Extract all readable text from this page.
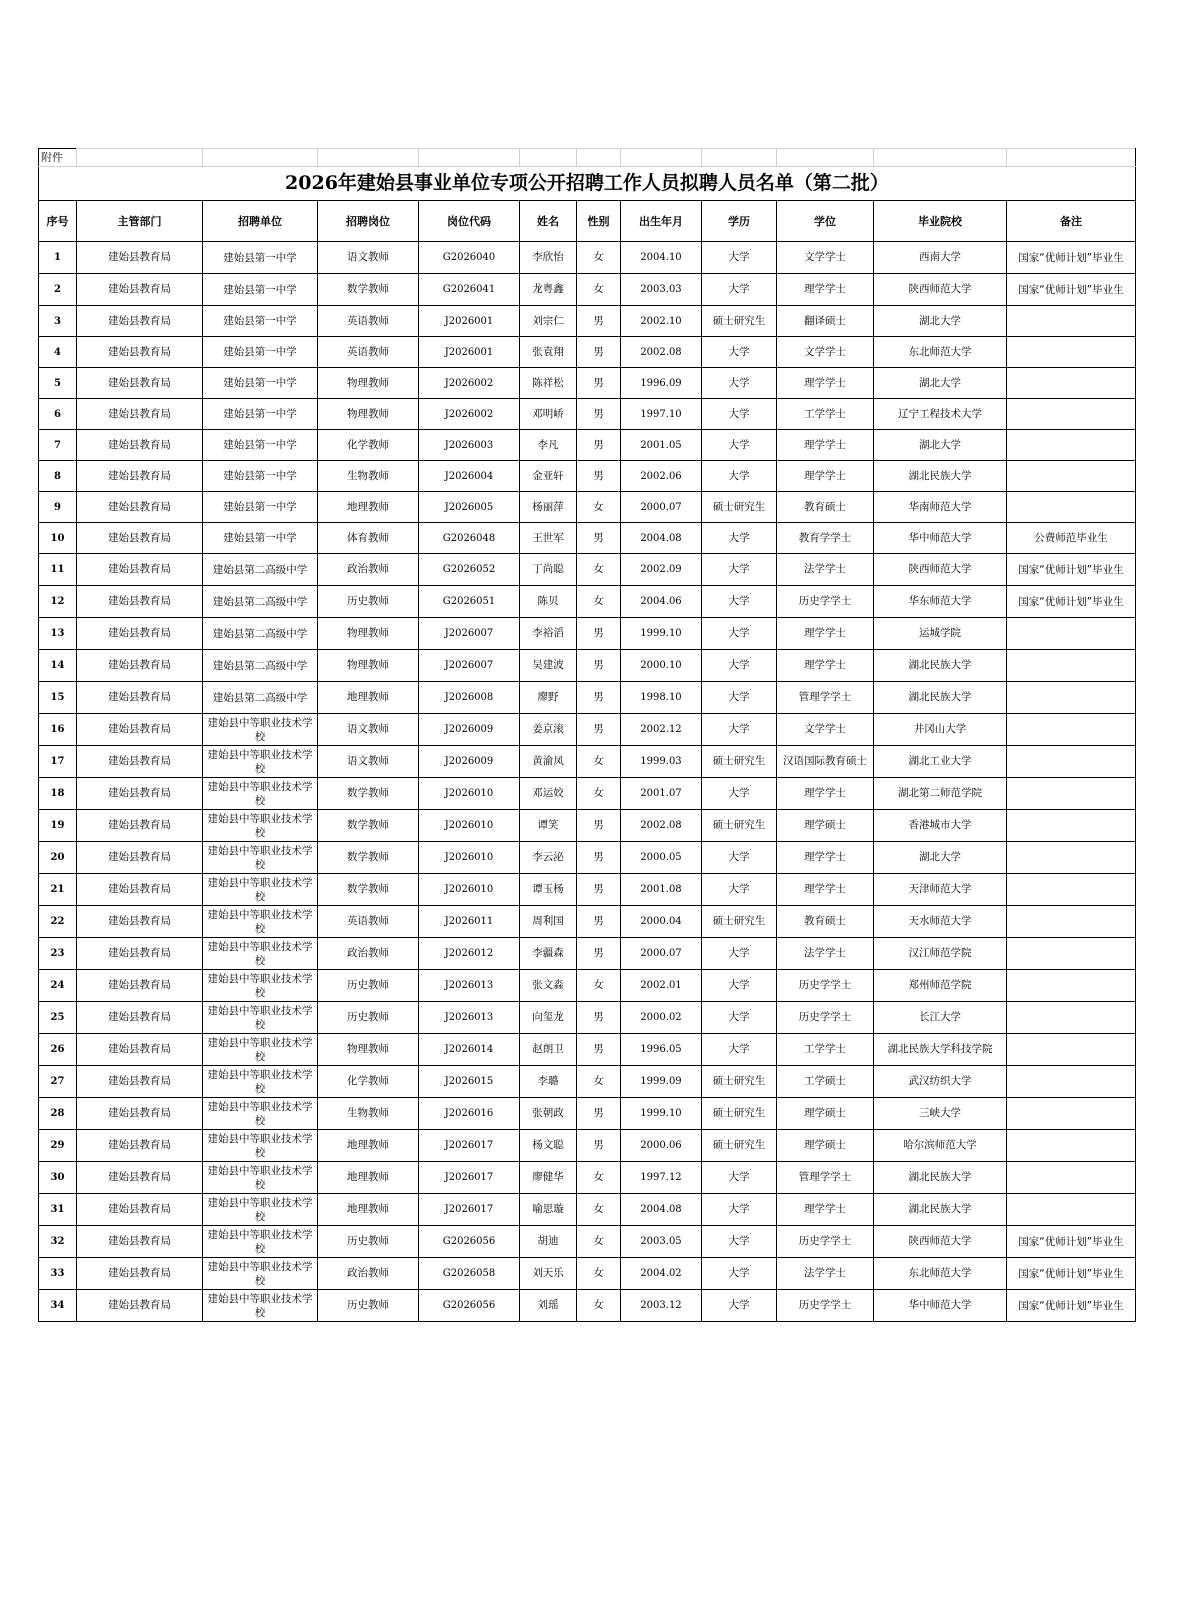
附件											
2026年建始县事业单位专项公开招聘工作人员拟聘人员名单（第二批）											
序号	主管部门	招聘单位	招聘岗位	岗位代码	姓名	性别	出生年月	学历	学位	毕业院校	备注
1	建始县教育局	建始县第一中学	语文教师	G2026040	李欣怡	女	2004.10	大学	文学学士	西南大学	国家“优师计划”毕业生
2	建始县教育局	建始县第一中学	数学教师	G2026041	龙粤鑫	女	2003.03	大学	理学学士	陕西师范大学	国家“优师计划”毕业生
3	建始县教育局	建始县第一中学	英语教师	J2026001	刘宗仁	男	2002.10	硕士研究生	翻译硕士	湖北大学	
4	建始县教育局	建始县第一中学	英语教师	J2026001	张袁翔	男	2002.08	大学	文学学士	东北师范大学	
5	建始县教育局	建始县第一中学	物理教师	J2026002	陈祥松	男	1996.09	大学	理学学士	湖北大学	
6	建始县教育局	建始县第一中学	物理教师	J2026002	邓明峤	男	1997.10	大学	工学学士	辽宁工程技术大学	
7	建始县教育局	建始县第一中学	化学教师	J2026003	李凡	男	2001.05	大学	理学学士	湖北大学	
8	建始县教育局	建始县第一中学	生物教师	J2026004	金亚轩	男	2002.06	大学	理学学士	湖北民族大学	
9	建始县教育局	建始县第一中学	地理教师	J2026005	杨丽萍	女	2000.07	硕士研究生	教育硕士	华南师范大学	
10	建始县教育局	建始县第一中学	体育教师	G2026048	王世军	男	2004.08	大学	教育学学士	华中师范大学	公费师范毕业生
11	建始县教育局	建始县第二高级中学	政治教师	G2026052	丁尚聪	女	2002.09	大学	法学学士	陕西师范大学	国家“优师计划”毕业生
12	建始县教育局	建始县第二高级中学	历史教师	G2026051	陈贝	女	2004.06	大学	历史学学士	华东师范大学	国家“优师计划”毕业生
13	建始县教育局	建始县第二高级中学	物理教师	J2026007	李裕滔	男	1999.10	大学	理学学士	运城学院	
14	建始县教育局	建始县第二高级中学	物理教师	J2026007	吴建波	男	2000.10	大学	理学学士	湖北民族大学	
15	建始县教育局	建始县第二高级中学	地理教师	J2026008	廖野	男	1998.10	大学	管理学学士	湖北民族大学	
16	建始县教育局	建始县中等职业技术学校	语文教师	J2026009	姜京滚	男	2002.12	大学	文学学士	井冈山大学	
17	建始县教育局	建始县中等职业技术学校	语文教师	J2026009	黄渝凤	女	1999.03	硕士研究生	汉语国际教育硕士	湖北工业大学	
18	建始县教育局	建始县中等职业技术学校	数学教师	J2026010	邓运姣	女	2001.07	大学	理学学士	湖北第二师范学院	
19	建始县教育局	建始县中等职业技术学校	数学教师	J2026010	谭笑	男	2002.08	硕士研究生	理学硕士	香港城市大学	
20	建始县教育局	建始县中等职业技术学校	数学教师	J2026010	李云泌	男	2000.05	大学	理学学士	湖北大学	
21	建始县教育局	建始县中等职业技术学校	数学教师	J2026010	谭玉杨	男	2001.08	大学	理学学士	天津师范大学	
22	建始县教育局	建始县中等职业技术学校	英语教师	J2026011	周利国	男	2000.04	硕士研究生	教育硕士	天水师范大学	
23	建始县教育局	建始县中等职业技术学校	政治教师	J2026012	李疆森	男	2000.07	大学	法学学士	汉江师范学院	
24	建始县教育局	建始县中等职业技术学校	历史教师	J2026013	张文淼	女	2002.01	大学	历史学学士	郑州师范学院	
25	建始县教育局	建始县中等职业技术学校	历史教师	J2026013	向玺龙	男	2000.02	大学	历史学学士	长江大学	
26	建始县教育局	建始县中等职业技术学校	物理教师	J2026014	赵朗卫	男	1996.05	大学	工学学士	湖北民族大学科技学院	
27	建始县教育局	建始县中等职业技术学校	化学教师	J2026015	李璐	女	1999.09	硕士研究生	工学硕士	武汉纺织大学	
28	建始县教育局	建始县中等职业技术学校	生物教师	J2026016	张朝政	男	1999.10	硕士研究生	理学硕士	三峡大学	
29	建始县教育局	建始县中等职业技术学校	地理教师	J2026017	杨文聪	男	2000.06	硕士研究生	理学硕士	哈尔滨师范大学	
30	建始县教育局	建始县中等职业技术学校	地理教师	J2026017	廖健华	女	1997.12	大学	管理学学士	湖北民族大学	
31	建始县教育局	建始县中等职业技术学校	地理教师	J2026017	喻思璇	女	2004.08	大学	理学学士	湖北民族大学	
32	建始县教育局	建始县中等职业技术学校	历史教师	G2026056	胡迪	女	2003.05	大学	历史学学士	陕西师范大学	国家“优师计划”毕业生
33	建始县教育局	建始县中等职业技术学校	政治教师	G2026058	刘天乐	女	2004.02	大学	法学学士	东北师范大学	国家“优师计划”毕业生
34	建始县教育局	建始县中等职业技术学校	历史教师	G2026056	刘瑶	女	2003.12	大学	历史学学士	华中师范大学	国家“优师计划”毕业生
